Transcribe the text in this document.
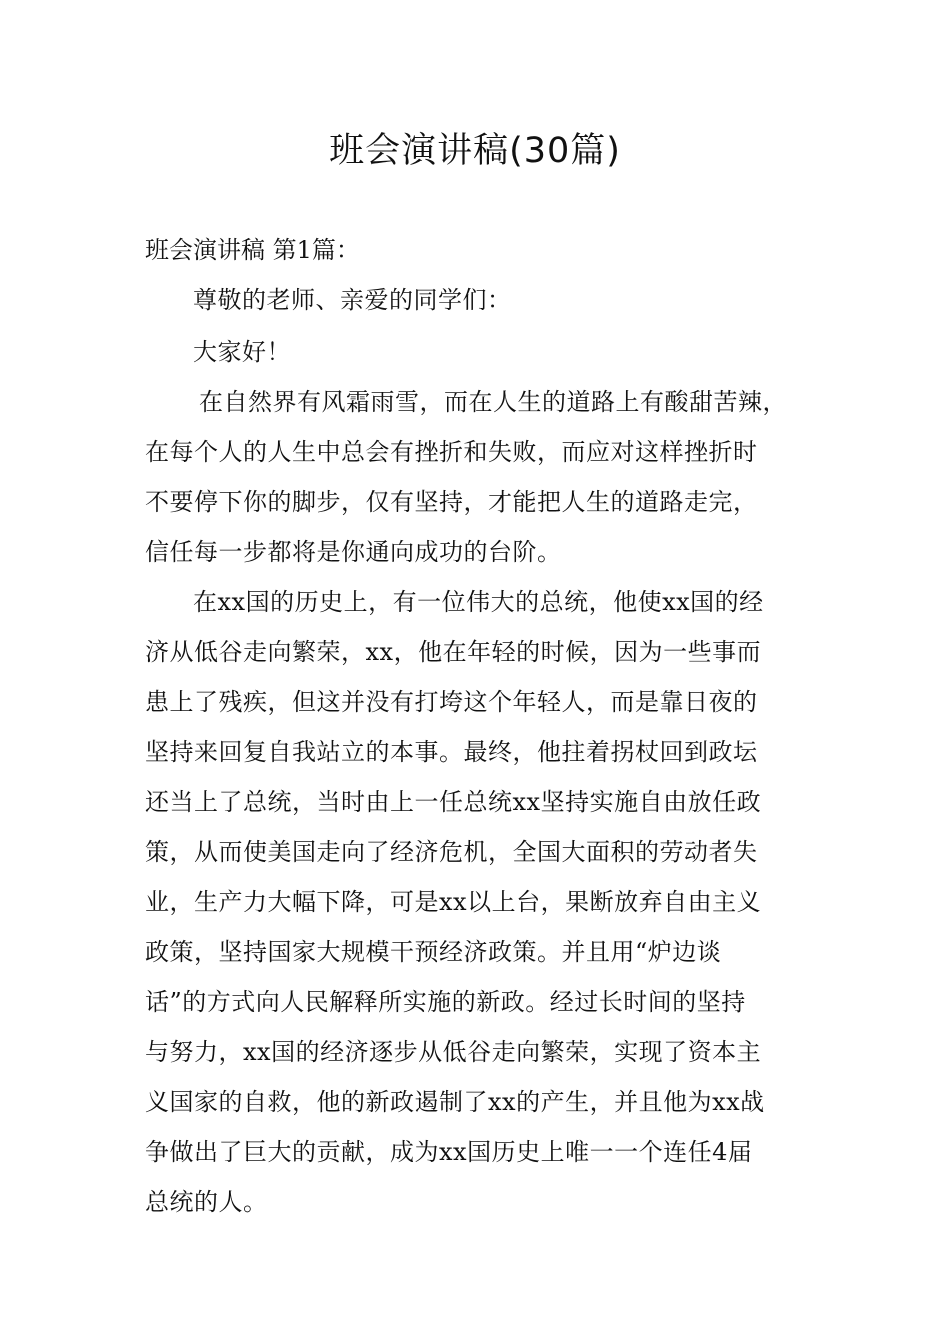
班会演讲稿(30篇)
班会演讲稿 第1篇：
尊敬的老师、亲爱的同学们：
大家好！
在自然界有风霜雨雪，而在人生的道路上有酸甜苦辣，
在每个人的人生中总会有挫折和失败，而应对这样挫折时
不要停下你的脚步，仅有坚持，才能把人生的道路走完，
信任每一步都将是你通向成功的台阶。
在xx国的历史上，有一位伟大的总统，他使xx国的经
济从低谷走向繁荣，xx，他在年轻的时候，因为一些事而
患上了残疾，但这并没有打垮这个年轻人，而是靠日夜的
坚持来回复自我站立的本事。最终，他拄着拐杖回到政坛
还当上了总统，当时由上一任总统xx坚持实施自由放任政
策，从而使美国走向了经济危机，全国大面积的劳动者失
业，生产力大幅下降，可是xx以上台，果断放弃自由主义
政策，坚持国家大规模干预经济政策。并且用“炉边谈
话”的方式向人民解释所实施的新政。经过长时间的坚持
与努力，xx国的经济逐步从低谷走向繁荣，实现了资本主
义国家的自救，他的新政遏制了xx的产生，并且他为xx战
争做出了巨大的贡献，成为xx国历史上唯一一个连任4届
总统的人。
